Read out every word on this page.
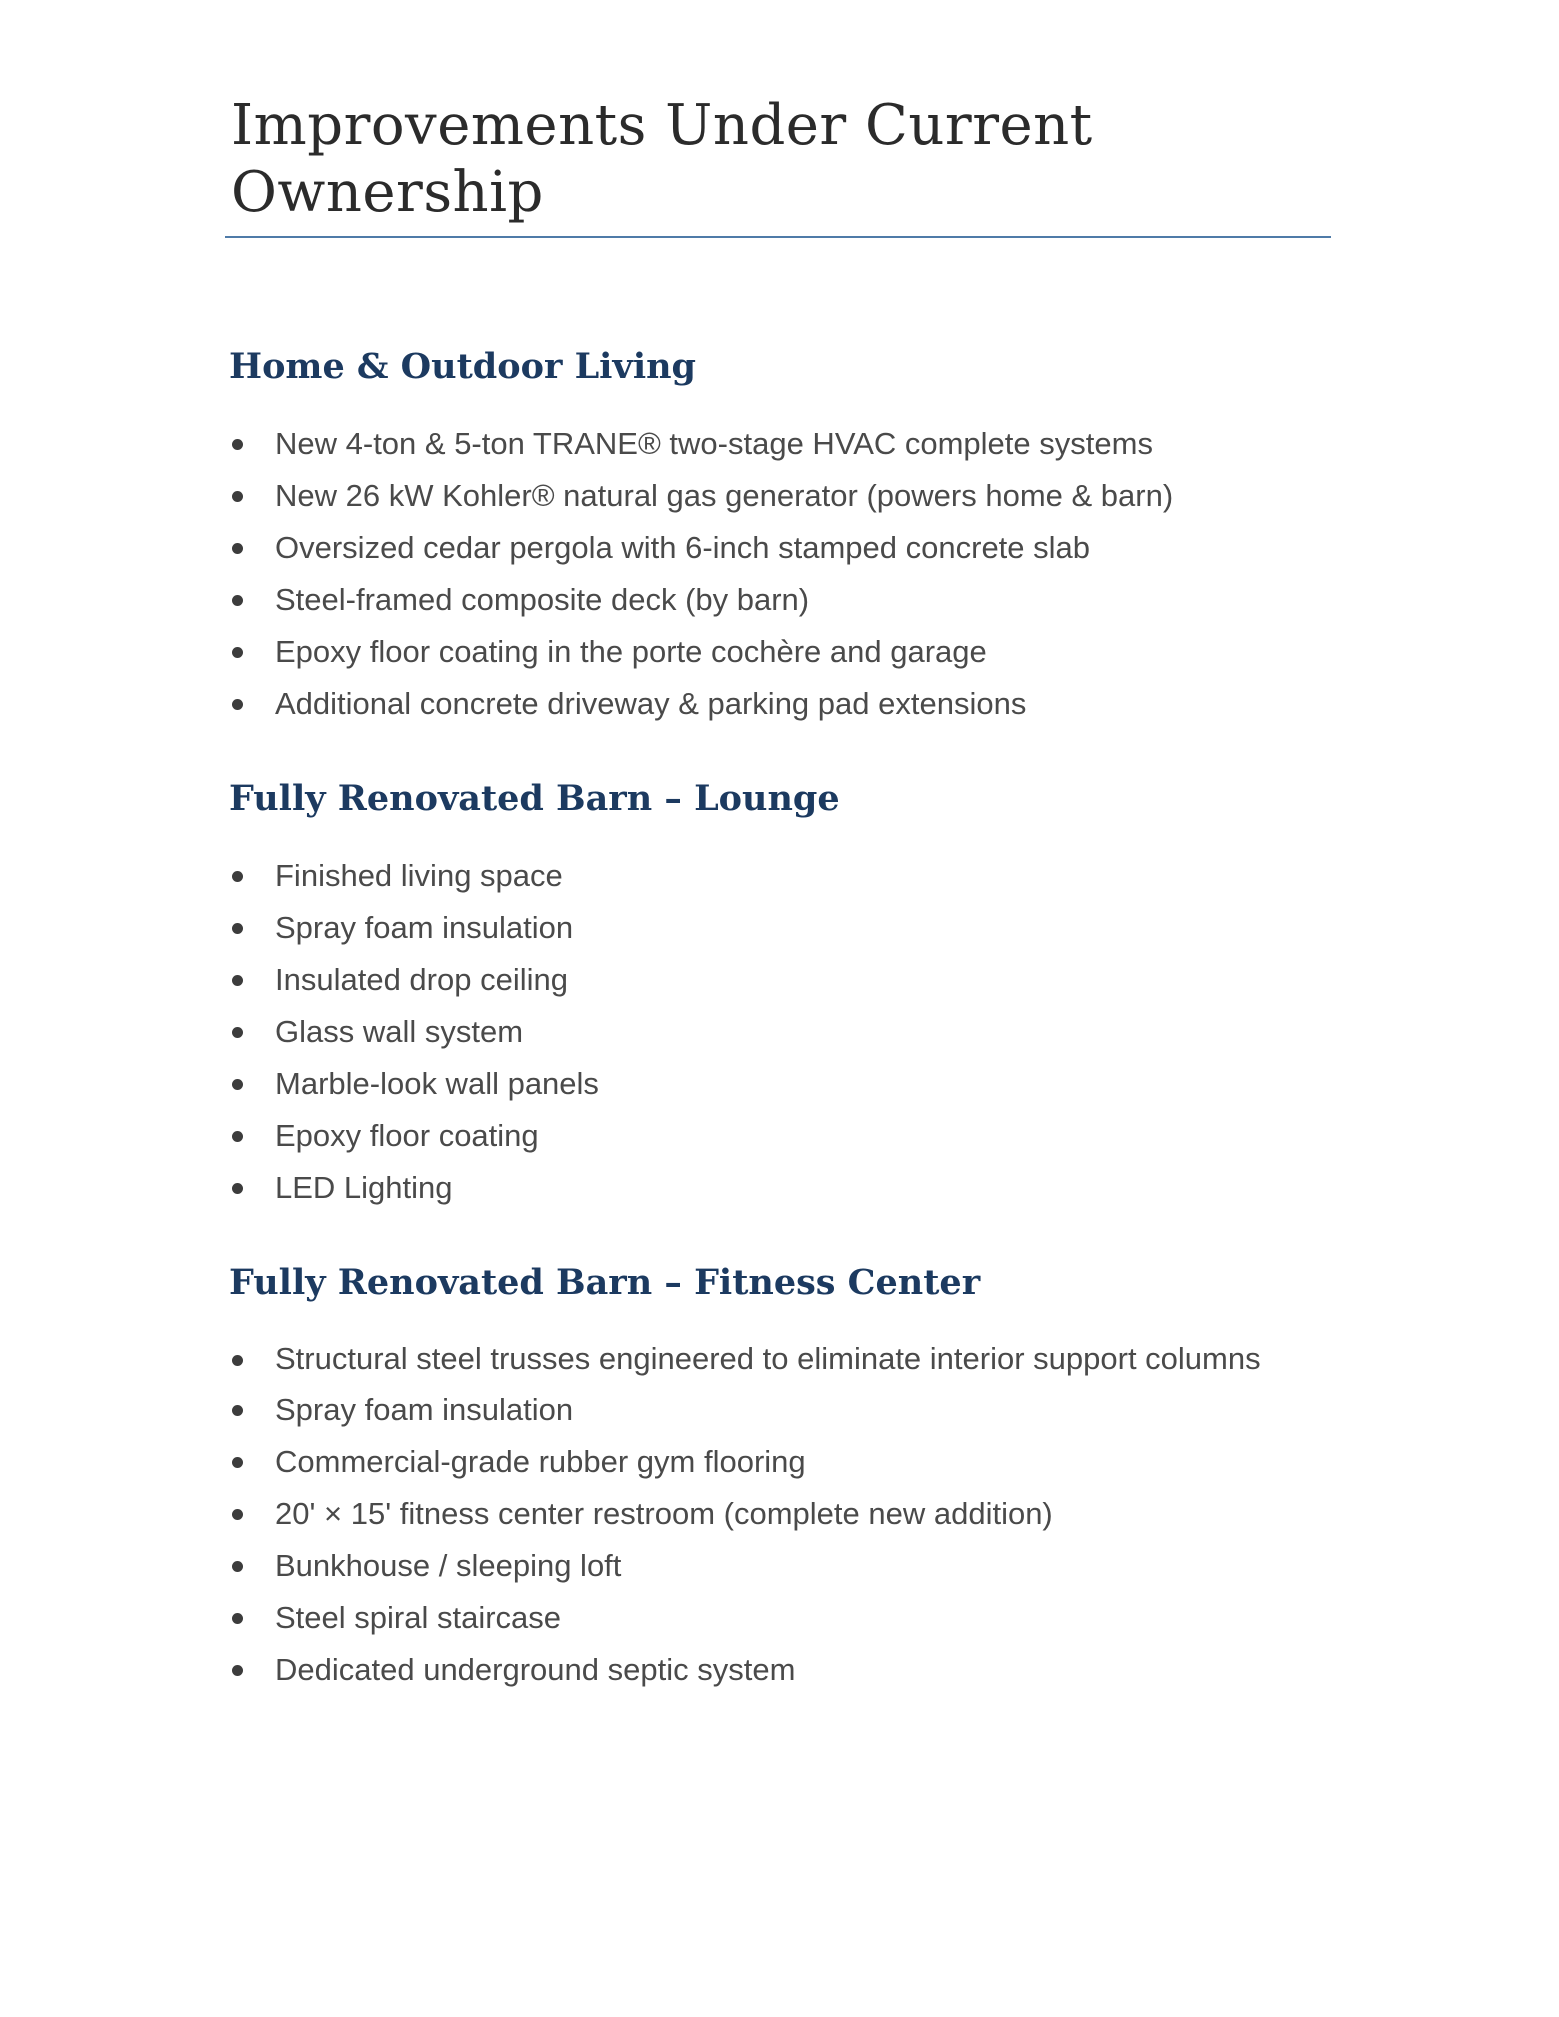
Improvements Under Current Ownership
Home & Outdoor Living
New 4-ton & 5-ton TRANE® two-stage HVAC complete systems
New 26 kW Kohler® natural gas generator (powers home & barn)
Oversized cedar pergola with 6-inch stamped concrete slab
Steel-framed composite deck (by barn)
Epoxy floor coating in the porte cochère and garage
Additional concrete driveway & parking pad extensions
Fully Renovated Barn – Lounge
Finished living space
Spray foam insulation
Insulated drop ceiling
Glass wall system
Marble-look wall panels
Epoxy floor coating
LED Lighting
Fully Renovated Barn – Fitness Center
Structural steel trusses engineered to eliminate interior support columns
Spray foam insulation
Commercial-grade rubber gym flooring
20' × 15' fitness center restroom (complete new addition)
Bunkhouse / sleeping loft
Steel spiral staircase
Dedicated underground septic system
